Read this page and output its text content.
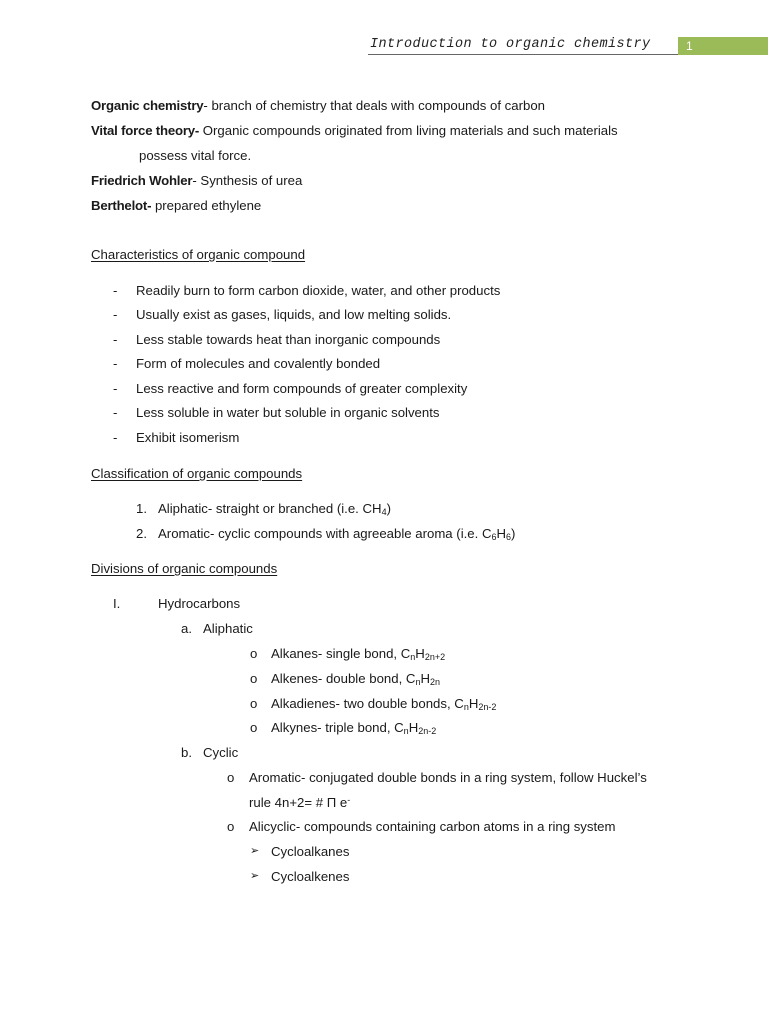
Introduction to organic chemistry	1
Organic chemistry- branch of chemistry that deals with compounds of carbon
Vital force theory- Organic compounds originated from living materials and such materials
possess vital force.
Friedrich Wohler- Synthesis of urea
Berthelot- prepared ethylene
Characteristics of organic compound
- Readily burn to form carbon dioxide, water, and other products
- Usually exist as gases, liquids, and low melting solids.
- Less stable towards heat than inorganic compounds
- Form of molecules and covalently bonded
- Less reactive and form compounds of greater complexity
- Less soluble in water but soluble in organic solvents
- Exhibit isomerism
Classification of organic compounds
1. Aliphatic- straight or branched (i.e. $CH_4$)
2. Aromatic- cyclic compounds with agreeable aroma (i.e. $C_6H_6$)
Divisions of organic compounds
I.	Hydrocarbons
a. Aliphatic
o Alkanes- single bond, $C_nH_{2n+2}$
o Alkenes- double bond, $C_nH_{2n}$
o Alkadienes- two double bonds, $C_nH_{2n-2}$
o Alkynes- triple bond, $C_nH_{2n-2}$
b. Cyclic
o Aromatic- conjugated double bonds in a ring system, follow Huckel’s
rule 4n+2= # Π e-
o Alicyclic- compounds containing carbon atoms in a ring system
➢ Cycloalkanes
➢ Cycloalkenes
